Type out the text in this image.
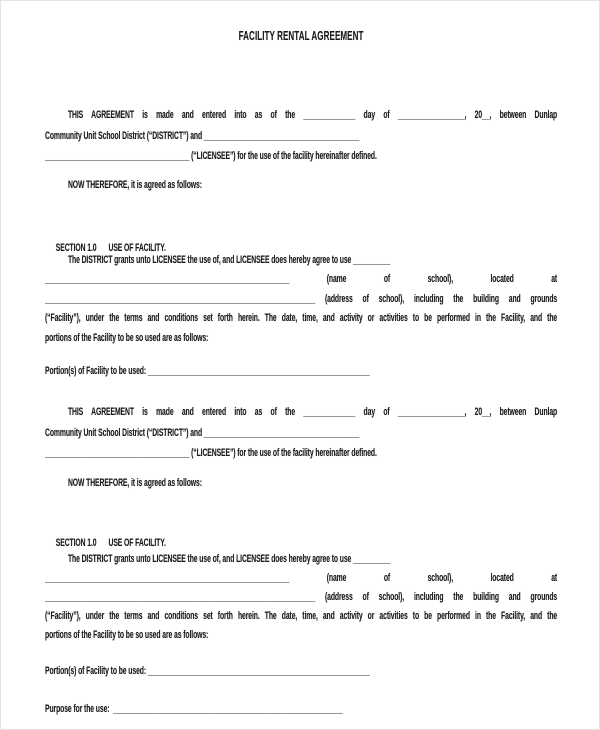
FACILITY RENTAL AGREEMENT
THIS AGREEMENT is made and entered into as of the ______________ day of __________________, 20__, between Dunlap
Community Unit School District (“DISTRICT”) and __________________________________________
_______________________________________ (“LICENSEE”) for the use of the facility hereinafter defined.
NOW THEREFORE, it is agreed as follows:

SECTION 1.0 USE OF FACILITY.

The DISTRICT grants unto LICENSEE the use of, and LICENSEE does hereby agree to use __________
__________________________________________________________________ (name of school), located at
_________________________________________________________________________ (address of school), including the building and grounds
(“Facility”), under the terms and conditions set forth herein. The date, time, and activity or activities to be performed in the Facility, and the
portions of the Facility to be so used are as follows:
Portion(s) of Facility to be used: ____________________________________________________________
THIS AGREEMENT is made and entered into as of the ______________ day of __________________, 20__, between Dunlap
Community Unit School District (“DISTRICT”) and __________________________________________
_______________________________________ (“LICENSEE”) for the use of the facility hereinafter defined.
NOW THEREFORE, it is agreed as follows:

SECTION 1.0 USE OF FACILITY.

The DISTRICT grants unto LICENSEE the use of, and LICENSEE does hereby agree to use __________
__________________________________________________________________ (name of school), located at
_________________________________________________________________________ (address of school), including the building and grounds
(“Facility”), under the terms and conditions set forth herein. The date, time, and activity or activities to be performed in the Facility, and the
portions of the Facility to be so used are as follows:
Portion(s) of Facility to be used: ____________________________________________________________
Purpose for the use:  ______________________________________________________________
